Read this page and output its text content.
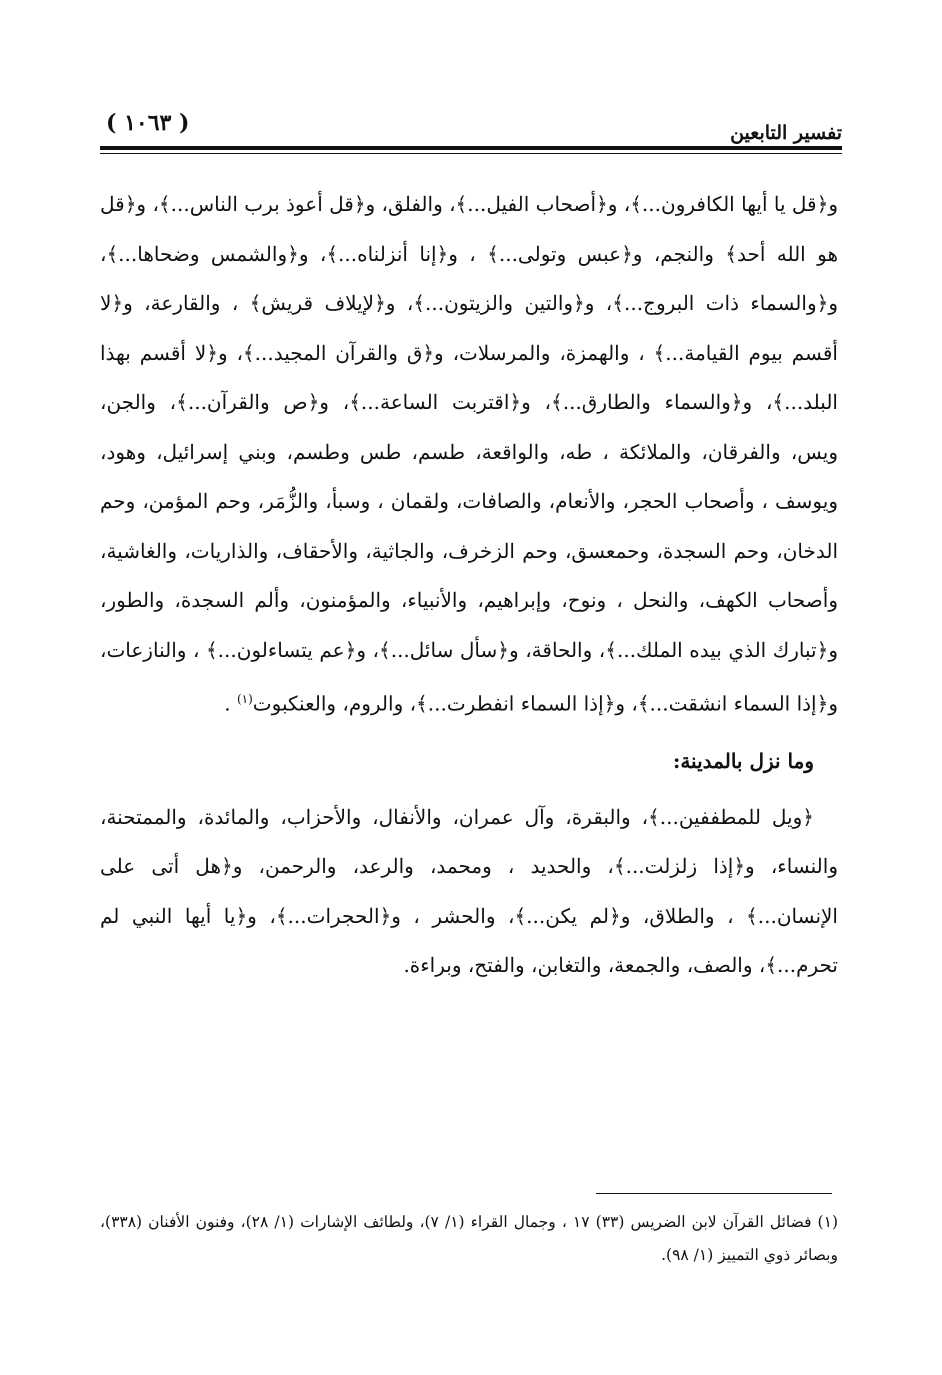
( ١٠٦٣ )	تفسير التابعين

و﴿قل يا أيها الكافرون...﴾، و﴿أصحاب الفيل...﴾، والفلق، و﴿قل أعوذ برب الناس...﴾، و﴿قل هو الله أحد﴾ والنجم، و﴿عبس وتولى...﴾ ، و﴿إنا أنزلناه...﴾، و﴿والشمس وضحاها...﴾، و﴿والسماء ذات البروج...﴾، و﴿والتين والزيتون...﴾، و﴿لإيلاف قريش﴾ ، والقارعة، و﴿لا أقسم بيوم القيامة...﴾ ، والهمزة، والمرسلات، و﴿ق والقرآن المجيد...﴾، و﴿لا أقسم بهذا البلد...﴾، و﴿والسماء والطارق...﴾، و﴿اقتربت الساعة...﴾، و﴿ص والقرآن...﴾، والجن، ويس، والفرقان، والملائكة ، طه، والواقعة، طسم، طس وطسم، وبني إسرائيل، وهود، ويوسف ، وأصحاب الحجر، والأنعام، والصافات، ولقمان ، وسبأ، والزُّمَر، وحم المؤمن، وحم الدخان، وحم السجدة، وحمعسق، وحم الزخرف، والجاثية، والأحقاف، والذاريات، والغاشية، وأصحاب الكهف، والنحل ، ونوح، وإبراهيم، والأنبياء، والمؤمنون، وألم السجدة، والطور، و﴿تبارك الذي بيده الملك...﴾، والحاقة، و﴿سأل سائل...﴾، و﴿عم يتساءلون...﴾ ، والنازعات، و﴿إذا السماء انشقت...﴾، و﴿إذا السماء انفطرت...﴾، والروم، والعنكبوت$^{(١)}$ .

وما نزل بالمدينة:

﴿ويل للمطففين...﴾، والبقرة، وآل عمران، والأنفال، والأحزاب، والمائدة، والممتحنة، والنساء، و﴿إذا زلزلت...﴾، والحديد ، ومحمد، والرعد، والرحمن، و﴿هل أتى على الإنسان...﴾ ، والطلاق، و﴿لم يكن...﴾، والحشر ، و﴿الحجرات...﴾، و﴿يا أيها النبي لم تحرم...﴾، والصف، والجمعة، والتغابن، والفتح، وبراءة.

(١) فضائل القرآن لابن الضريس (٣٣) ١٧ ، وجمال القراء (١/ ٧)، ولطائف الإشارات (١/ ٢٨)، وفنون الأفنان (٣٣٨)، وبصائر ذوي التمييز (١/ ٩٨).
